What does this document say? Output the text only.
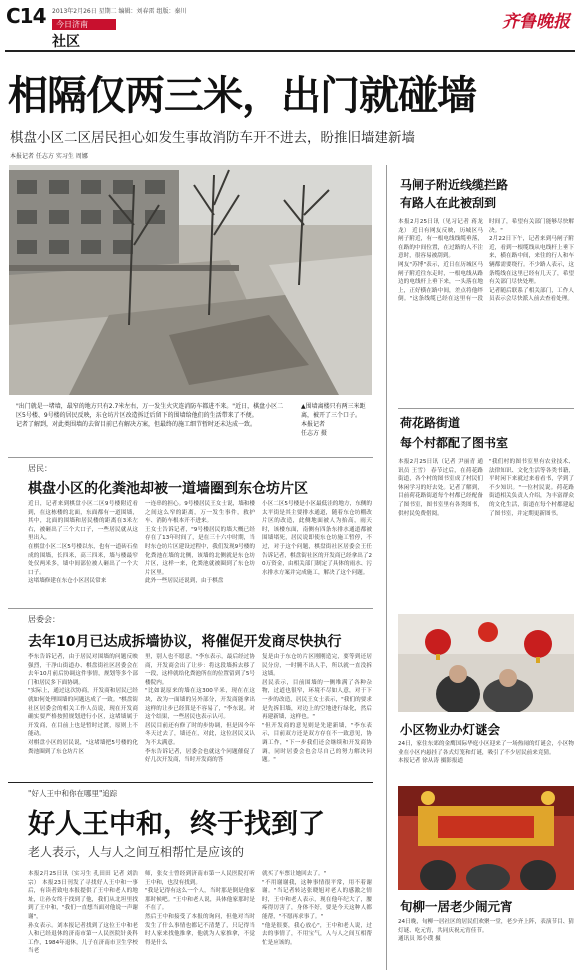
C14 2013年2月26日 星期二 编辑：刘春雷 组版：秦川
今日济南
社区
齐鲁晚报
相隔仅两三米，出门就碰墙
棋盘小区二区居民担心如发生事故消防车开不进去，盼推旧墙建新墙
本报记者 任志方 实习生 周娜
"出门就是一堵墙，最窄的地方只有2.7米左右，万一发生火灾连消防车都进不来。"近日，棋盘小区二区5号楼、9号楼的居民反映，东仓坊片区改造拆迁后留下的围墙给他们的生活带来了不便。
记者了解到，对此类围墙的去留目前已有解决方案，但最终的施工细节暂时还未达成一致。
▲围墙离楼只有两三米距离，被开了三个口子。
本报记者
任志方 摄
居民：
棋盘小区的化粪池却被一道墙圈到东仓坊片区
近日，记者来到棋盘小区二区9号楼附近看到，在这栋楼的北面，东面都有一道围墙，其中，北面的围墙和居民楼的距离在3米左右，被砸出了三个大口子，一些居民就从这里出入。
在棋盘小区二区5号楼以东，也有一道砖石垒成的围墙，长四米，高三四米，墙与楼最窄处仅两米多，墙中间部位被人砸出了一个大口子。
这堵墙修建在东仓小区居民常来
一连串的担心。9号楼居民王女士说，墙和楼之间这么窄的距离，万一发生事件，救护车、消防车根本开不进来。
王女士告诉记者，"9号楼居民的墙大概已经存在了13年时间了，是在三十六中时期，当时东仓坊片区建设过程中，我们发现9号楼的化粪池在墙的北侧，该墙的北侧就是东仓坊片区，这样一来，化粪池就被圈到了东仓坊片区里。
此外一些居民还说到，由于棋盘
小区二区5号楼是小区最低洼的地方，东侧的太平街是其主要排水通道，随着东仓坊棚改片区的改造，此侧地面被人为抬高，雨天时，该楼东面，南侧有四条东排水通道都被围墙堵死，居民说即使东仓坊施工暂停，不过，对于这个问题，棋盘街社区居委会王任告诉记者，棋盘街社区的开发商已经拿出了20万资金，由相关部门制定了具体的雨水、污水排水方案并完成施工，解决了这个问题。
居委会：
去年10月已达成拆墙协议，将催促开发商尽快执行
李东告诉记者，由于居民对围墙的问题反映强烈，干净山街道办、棋盘街社区居委会在去年10月前后协调这件事情，规划等多个部门和居民多下面协调。
"实际上，通过这次协商，开发商和居民已经就如何处理围墙的问题达成了一致。"棋盘街社区居委会的相关工作人员说，现在开发商确实要严格按照规划进行小区，这堵墙属于开发商，在目前上也是暂时过渡，原则上不能动。
对棋盘小区的居民说，"这堵墙把5号楼的化粪池圈到了东仓坊片区
里，别人也不愿意。"李东表示，最后经过协商，开发商会出了让步：将这段墙拆去移了一段，这样就给化粪池所在的位置留到了5号楼院内。
"比如说原来的墙在这300平米，现在在这块，改为一面墙的另外部分，开发商能拿出这样的让步已经算是不容易了，"李东说。对这个结果，一些居民也表示认可。
居民目前还有修了时的步协调，但是因今年冬天过去了，墙还在，对此，这位居民又认为不太满意。
李东告诉记者，居委会也就这个问题催促了好几次开发商，当时开发商的答
复是由于东仓坊片区刚刚造完，要等到还居民分房，一时腾不出人手，所以就一直没拆这墙。
居民表示，目前围墙的一侧堆满了各种杂物，过道也很窄，环境不尽如人意，对于下一步的改造，居民王女士表示，"我们的要求是先拆旧墙，对边上的空地进行绿化，然后再建新墙，这样也。"
"但开发商的意见则是先建新墙，"李东表示，目前双方还是双方存在不一致意见，协调工作，"下一步我们还会继续和开发商协调，同时居委会也会尽自己的努力解决问题。"
"好人王中和你在哪里"追踪
好人王中和，终于找到了
老人表示，人与人之间互相帮忙是应该的
本报2月25日讯（实习生 孔田田 记者 刘浩宗） 本报23日刊发了寻找好人王中和一事后，有读者致电本报提供了王中和老人的地址，让孙女终于找到了他，我们从北坦里找到了王中和，"我们一直想当面对他说一声谢谢"，
孙女表示。刘本报记者找到了这位王中和老人和已经退休的济南市第一人民医院针灸科工作，1984年退休，儿子在济南市卫生学校当老
师，张女士曾经到济南市第一人民医院打听王中和，也没有找到。
"我是记得有这么一个人，当时那是倒是他家那时候吧。"王中和老人说，具体他家那时是不在了。
然后王中和接受了本报的询问，但他对当时发生了什么事情也都记不清楚了，只记得当时人家来找他推拿，他就为人家推拿，不觉得是什么
就买了车票让她回去了。"
"不用谢谢我，这种事情很平常，用不着谢谢。"当记者转达张晓旭对老人的感激之情时，王中和老人表示，现在他年纪大了，腰疼得厉害了，身体不好，要是今天这种人都能帮，"不愿再求事了。"
"他是很要，我心放心"，王中和老人说，过去的事情了，不用宝气，人与人之间互相帮忙是应该的。
马闸子附近线缆拦路
有路人在此被刮到
本报2月25日讯（见习记者 蒋龙龙） 近日有网友反映，历城区马闸子附近，有一根电线线缆垂落，在路的中间位置，在过路的人不注意时，很容易被刮到。
网友"苏博"表示，近日在历城区马闸子附近往东走时，一根电线从路边的电线杆上垂下来，一头落在地上，正好横在路中间，差点将他绊倒。"这条线缆已经在这里有一段时间了，希望有关部门能够尽快解决。"
2月22日下午，记者来到马闸子附近，看到一根缆线从电线杆上垂下来，横在路中间，来往的行人和车辆都需要绕行。不少路人表示，这条缆线在这里已经有几天了，希望有关部门尽快处理。
记者随后联系了相关部门，工作人员表示会尽快派人前去查看处理。
荷花路街道
每个村都配了图书室
本报2月25日讯（记者 尹丽青 通讯员 王雪） 春节过后，在荷花路街道，各个村的图书室成了村民们休闲学习的好去处。记者了解到，目前荷花路街道每个村都已经配备了图书室，图书室里有各类图书，供村民免费借阅。
"我们村的图书室里有农业技术、法律知识、文化生活等各类书籍，平时闲下来就过来看看书，学到了不少知识。"一位村民说。荷花路街道相关负责人介绍，为丰富群众的文化生活，街道在每个村都建起了图书室，并定期更新图书。
小区物业办灯谜会
24日，家住东郊的金鹰国际华庭小区迎来了一场热闹的灯谜会，小区物业在小区内悬挂了各式灯笼和灯谜，吸引了不少居民前来竞猜。
本报记者 徐从涛 摄影报道
旬柳一居老少闹元宵
24日晚，旬柳一居社区的居民们欢聚一堂，老少齐上阵，表演节目、猜灯谜、吃元宵，共同庆祝元宵佳节。
通讯员 郑小璞 摄
